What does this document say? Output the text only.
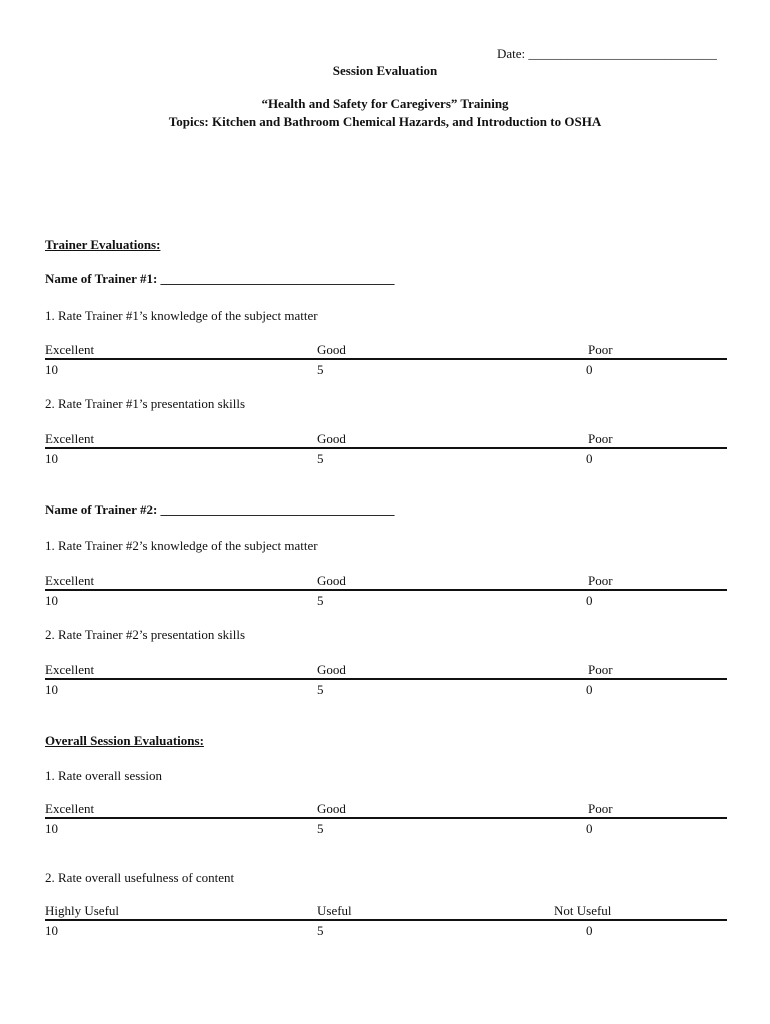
Date: _____________________________
Session Evaluation
“Health and Safety for Caregivers” Training
Topics: Kitchen and Bathroom Chemical Hazards, and Introduction to OSHA
Trainer Evaluations:
Name of Trainer #1: ____________________________________
1. Rate Trainer #1’s knowledge of the subject matter
Excellent	Good	Poor
10	5	0
2. Rate Trainer #1’s presentation skills
Excellent	Good	Poor
10	5	0
Name of Trainer #2: ____________________________________
1. Rate Trainer #2’s knowledge of the subject matter
Excellent	Good	Poor
10	5	0
2. Rate Trainer #2’s presentation skills
Excellent	Good	Poor
10	5	0
Overall Session Evaluations:
1. Rate overall session
Excellent	Good	Poor
10	5	0
2. Rate overall usefulness of content
Highly Useful	Useful	Not Useful
10	5	0
